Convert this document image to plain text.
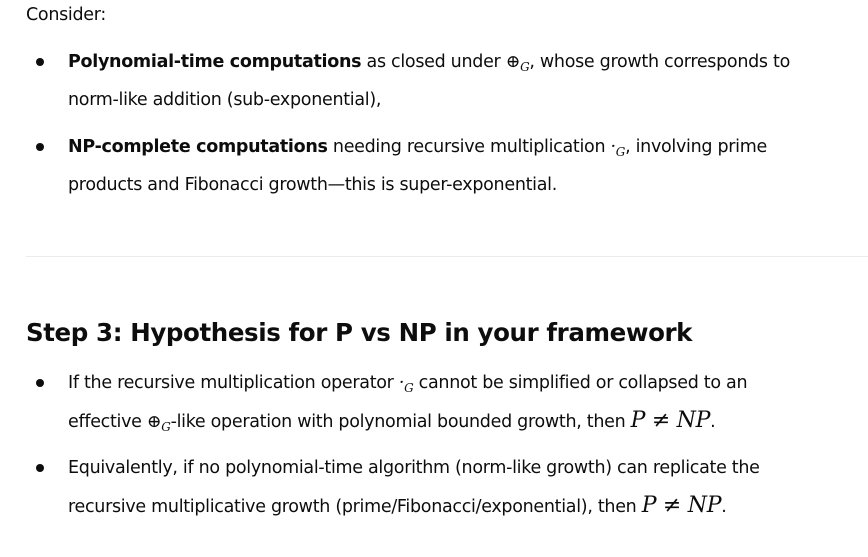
Consider:
Polynomial-time computations as closed under $\oplus_G$, whose growth corresponds to
norm-like addition (sub-exponential),
NP-complete computations needing recursive multiplication $\cdot_G$, involving prime
products and Fibonacci growth—this is super-exponential.
Step 3: Hypothesis for P vs NP in your framework
If the recursive multiplication operator $\cdot_G$ cannot be simplified or collapsed to an
effective $\oplus_G$-like operation with polynomial bounded growth, then P ≠ NP.
Equivalently, if no polynomial-time algorithm (norm-like growth) can replicate the
recursive multiplicative growth (prime/Fibonacci/exponential), then P ≠ NP.
